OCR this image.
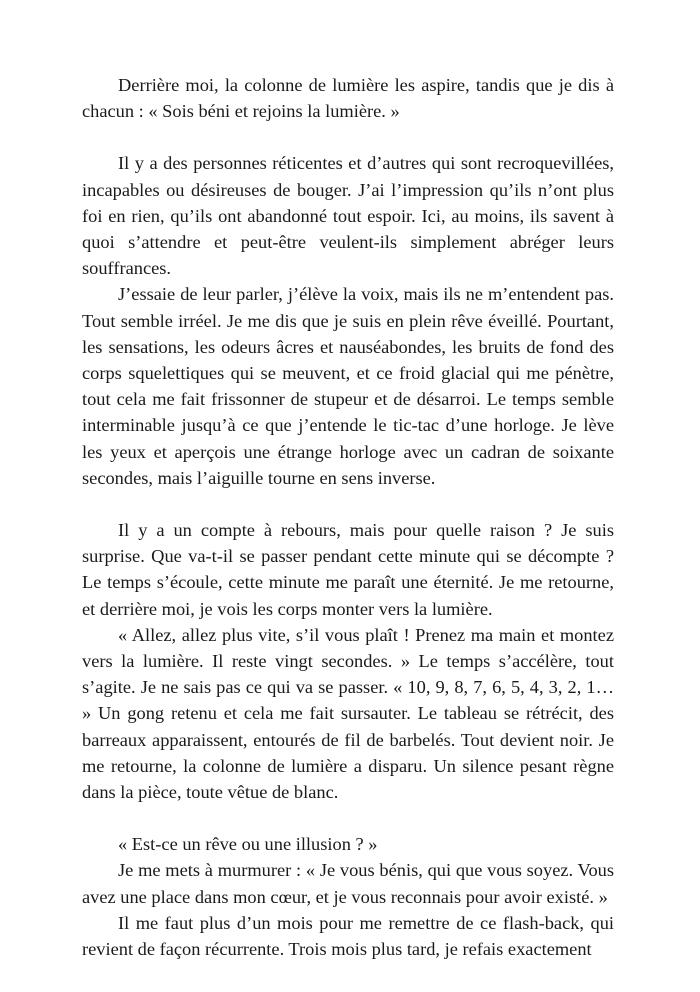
Derrière moi, la colonne de lumière les aspire, tandis que je dis à chacun : « Sois béni et rejoins la lumière. »

Il y a des personnes réticentes et d’autres qui sont recroquevillées, incapables ou désireuses de bouger. J’ai l’impression qu’ils n’ont plus foi en rien, qu’ils ont abandonné tout espoir. Ici, au moins, ils savent à quoi s’attendre et peut-être veulent-ils simplement abréger leurs souffrances.

J’essaie de leur parler, j’élève la voix, mais ils ne m’entendent pas. Tout semble irréel. Je me dis que je suis en plein rêve éveillé. Pourtant, les sensations, les odeurs âcres et nauséabondes, les bruits de fond des corps squelettiques qui se meuvent, et ce froid glacial qui me pénètre, tout cela me fait frissonner de stupeur et de désarroi. Le temps semble interminable jusqu’à ce que j’entende le tic-tac d’une horloge. Je lève les yeux et aperçois une étrange horloge avec un cadran de soixante secondes, mais l’aiguille tourne en sens inverse.

Il y a un compte à rebours, mais pour quelle raison ? Je suis surprise. Que va-t-il se passer pendant cette minute qui se décompte ? Le temps s’écoule, cette minute me paraît une éternité. Je me retourne, et derrière moi, je vois les corps monter vers la lumière.

« Allez, allez plus vite, s’il vous plaît ! Prenez ma main et montez vers la lumière. Il reste vingt secondes. » Le temps s’accélère, tout s’agite. Je ne sais pas ce qui va se passer. « 10, 9, 8, 7, 6, 5, 4, 3, 2, 1… » Un gong retenu et cela me fait sursauter. Le tableau se rétrécit, des barreaux apparaissent, entourés de fil de barbelés. Tout devient noir. Je me retourne, la colonne de lumière a disparu. Un silence pesant règne dans la pièce, toute vêtue de blanc.

« Est-ce un rêve ou une illusion ? »

Je me mets à murmurer : « Je vous bénis, qui que vous soyez. Vous avez une place dans mon cœur, et je vous reconnais pour avoir existé. »

Il me faut plus d’un mois pour me remettre de ce flash-back, qui revient de façon récurrente. Trois mois plus tard, je refais exactement
